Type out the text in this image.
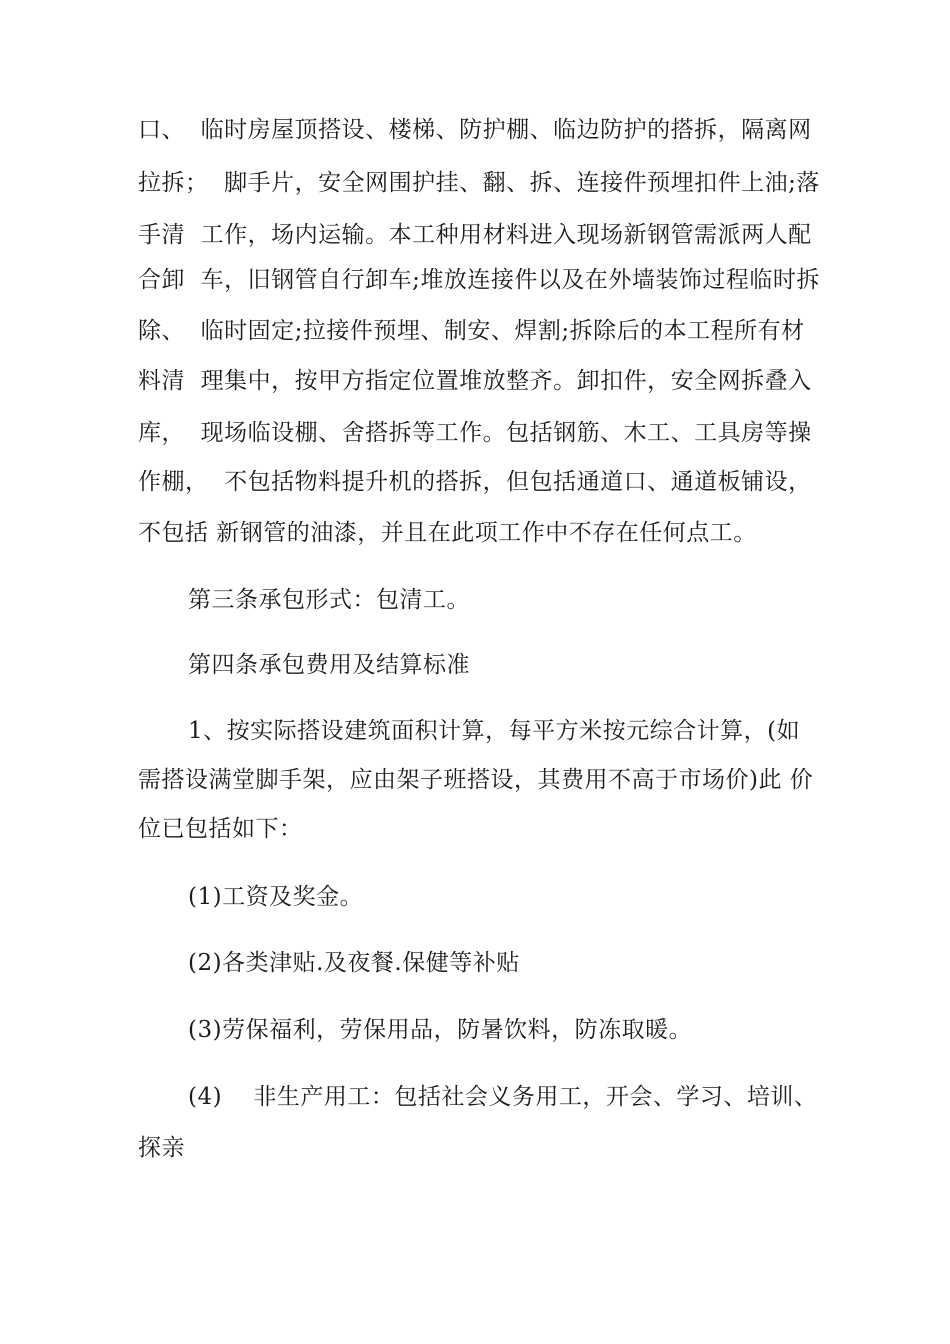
口、  临时房屋顶搭设、楼梯、防护棚、临边防护的搭拆，隔离网
拉拆；  脚手片，安全网围护挂、翻、拆、连接件预埋扣件上油;落
手清  工作，场内运输。本工种用材料进入现场新钢管需派两人配
合卸  车，旧钢管自行卸车;堆放连接件以及在外墙装饰过程临时拆
除、  临时固定;拉接件预埋、制安、焊割;拆除后的本工程所有材
料清  理集中，按甲方指定位置堆放整齐。卸扣件，安全网拆叠入
库，  现场临设棚、舍搭拆等工作。包括钢筋、木工、工具房等操
作棚，  不包括物料提升机的搭拆，但包括通道口、通道板铺设，
不包括 新钢管的油漆，并且在此项工作中不存在任何点工。
第三条承包形式：包清工。
第四条承包费用及结算标准
1、按实际搭设建筑面积计算，每平方米按元综合计算，(如
需搭设满堂脚手架，应由架子班搭设，其费用不高于市场价)此 价
位已包括如下：
(1)工资及奖金。
(2)各类津贴.及夜餐.保健等补贴
(3)劳保福利，劳保用品，防暑饮料，防冻取暖。
(4)    非生产用工：包括社会义务用工，开会、学习、培训、
探亲
